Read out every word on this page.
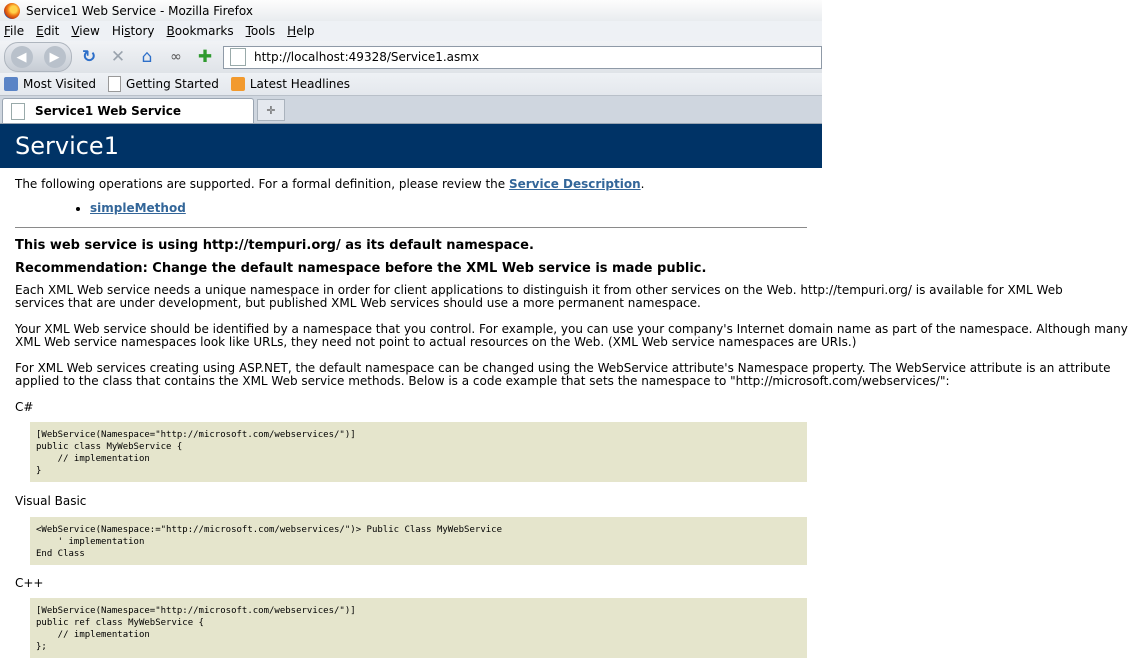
Service1 Web Service - Mozilla Firefox
File Edit View History Bookmarks Tools Help
◀	▶	↻ ✕ ⌂	∞ ✚	http://localhost:49328/Service1.asmx
Most Visited	Getting Started	Latest Headlines
Service1 Web Service	✛
Service1

The following operations are supported. For a formal definition, please review the Service Description.

• simpleMethod

This web service is using http://tempuri.org/ as its default namespace.

Recommendation: Change the default namespace before the XML Web service is made public.

Each XML Web service needs a unique namespace in order for client applications to distinguish it from other services on the Web. http://tempuri.org/ is available for XML Web services that are under development, but published XML Web services should use a more permanent namespace.

Your XML Web service should be identified by a namespace that you control. For example, you can use your company's Internet domain name as part of the namespace. Although many XML Web service namespaces look like URLs, they need not point to actual resources on the Web. (XML Web service namespaces are URIs.)

For XML Web services creating using ASP.NET, the default namespace can be changed using the WebService attribute's Namespace property. The WebService attribute is an attribute applied to the class that contains the XML Web service methods. Below is a code example that sets the namespace to "http://microsoft.com/webservices/":

C#

[WebService(Namespace="http://microsoft.com/webservices/")]
public class MyWebService {
// implementation
}

Visual Basic

<WebService(Namespace:="http://microsoft.com/webservices/")> Public Class MyWebService
' implementation
End Class

C++

[WebService(Namespace="http://microsoft.com/webservices/")]
public ref class MyWebService {
// implementation
};
